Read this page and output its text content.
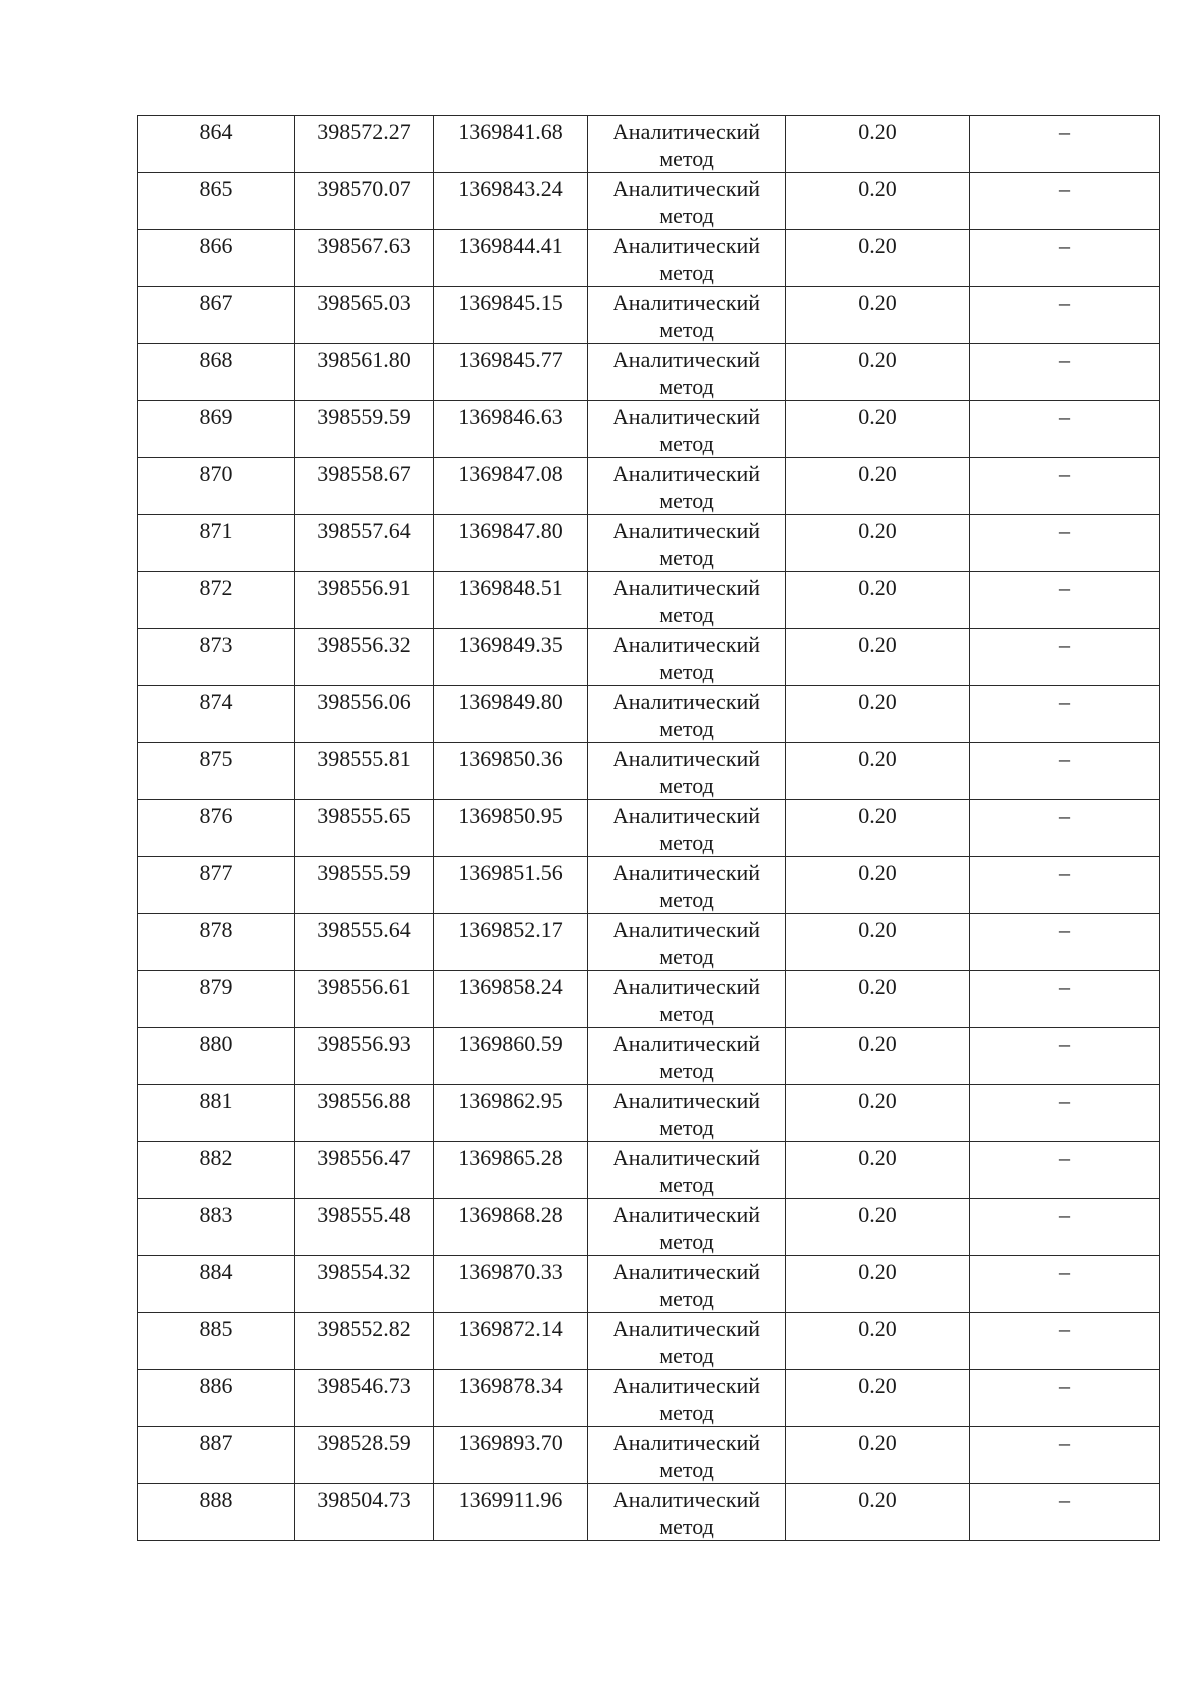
864	398572.27	1369841.68	Аналитический метод	0.20	–
865	398570.07	1369843.24	Аналитический метод	0.20	–
866	398567.63	1369844.41	Аналитический метод	0.20	–
867	398565.03	1369845.15	Аналитический метод	0.20	–
868	398561.80	1369845.77	Аналитический метод	0.20	–
869	398559.59	1369846.63	Аналитический метод	0.20	–
870	398558.67	1369847.08	Аналитический метод	0.20	–
871	398557.64	1369847.80	Аналитический метод	0.20	–
872	398556.91	1369848.51	Аналитический метод	0.20	–
873	398556.32	1369849.35	Аналитический метод	0.20	–
874	398556.06	1369849.80	Аналитический метод	0.20	–
875	398555.81	1369850.36	Аналитический метод	0.20	–
876	398555.65	1369850.95	Аналитический метод	0.20	–
877	398555.59	1369851.56	Аналитический метод	0.20	–
878	398555.64	1369852.17	Аналитический метод	0.20	–
879	398556.61	1369858.24	Аналитический метод	0.20	–
880	398556.93	1369860.59	Аналитический метод	0.20	–
881	398556.88	1369862.95	Аналитический метод	0.20	–
882	398556.47	1369865.28	Аналитический метод	0.20	–
883	398555.48	1369868.28	Аналитический метод	0.20	–
884	398554.32	1369870.33	Аналитический метод	0.20	–
885	398552.82	1369872.14	Аналитический метод	0.20	–
886	398546.73	1369878.34	Аналитический метод	0.20	–
887	398528.59	1369893.70	Аналитический метод	0.20	–
888	398504.73	1369911.96	Аналитический метод	0.20	–
